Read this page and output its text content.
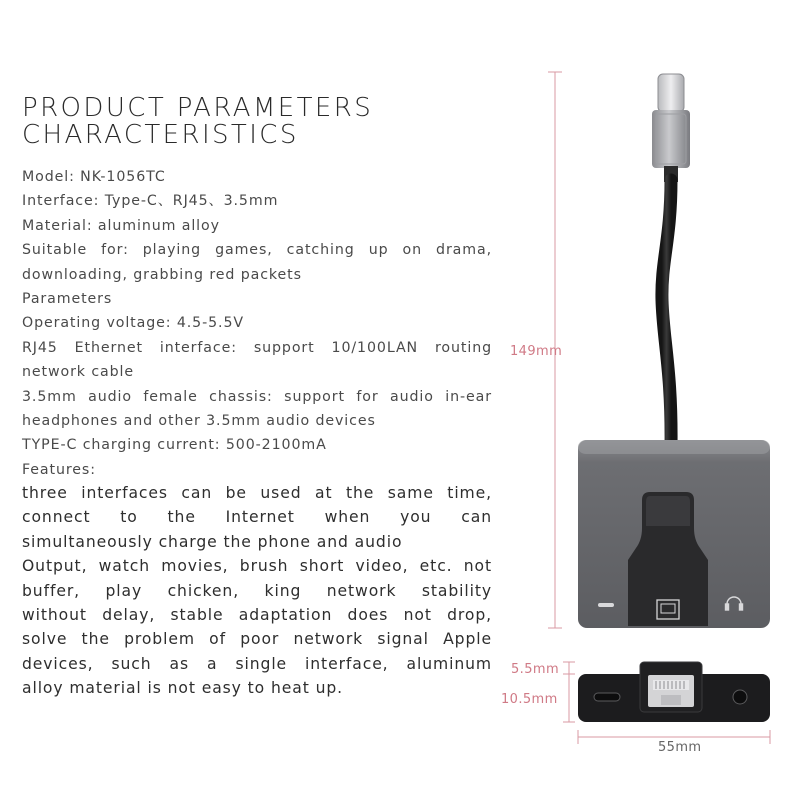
PRODUCT PARAMETERS
CHARACTERISTICS
Model: NK-1056TC
Interface: Type-C、RJ45、3.5mm
Material: aluminum alloy
Suitable for: playing games, catching up on drama,
downloading, grabbing red packets
Parameters
Operating voltage: 4.5-5.5V
RJ45 Ethernet interface: support 10/100LAN routing
network cable
3.5mm audio female chassis: support for audio in-ear
headphones and other 3.5mm audio devices
TYPE-C charging current: 500-2100mA
Features:
three interfaces can be used at the same time,
connect to the Internet when you can
simultaneously charge the phone and audio
Output, watch movies, brush short video, etc. not
buffer, play chicken, king network stability
without delay, stable adaptation does not drop,
solve the problem of poor network signal Apple
devices, such as a single interface, aluminum
alloy material is not easy to heat up.
149mm
5.5mm
10.5mm
55mm
